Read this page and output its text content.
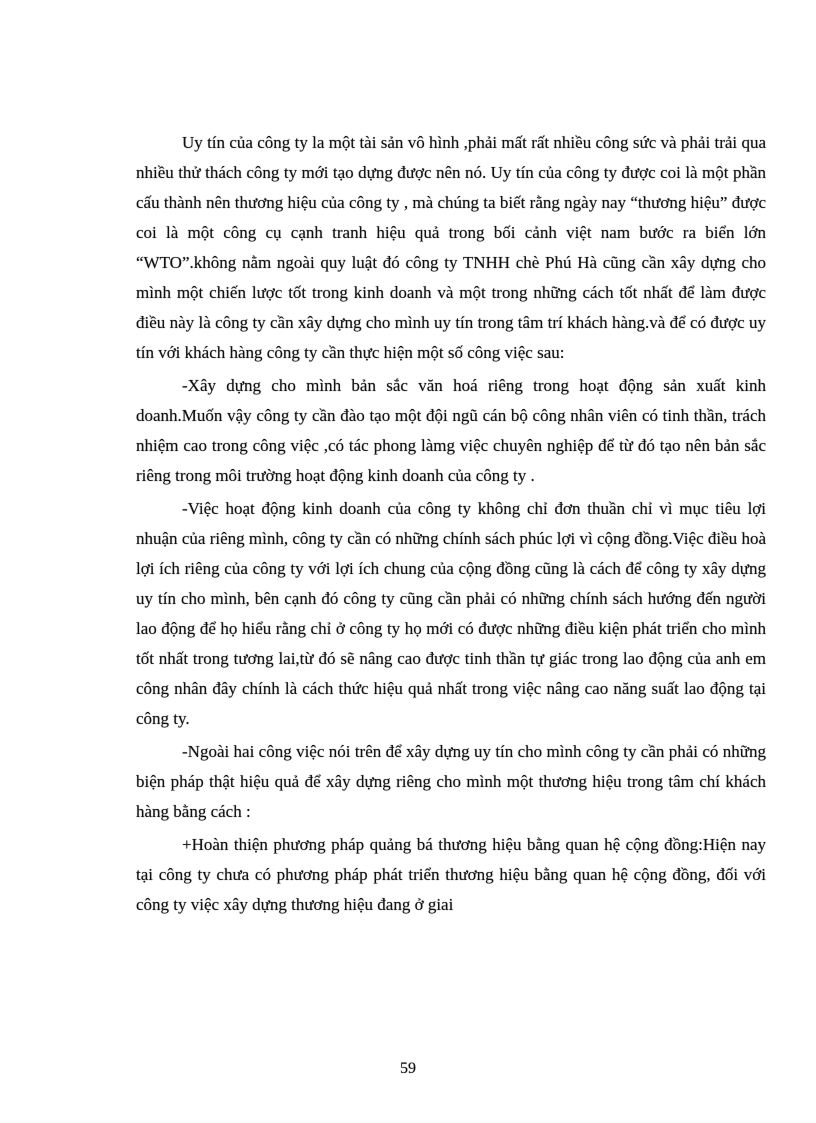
Uy tín của công ty la một tài sản vô hình ,phải mất rất nhiều công sức và phải trải qua nhiều thử thách công ty mới tạo dựng được nên nó. Uy tín của công ty được coi là một phần cấu thành nên thương hiệu của công ty , mà chúng ta biết rằng ngày nay “thương hiệu” được coi là một công cụ cạnh tranh hiệu quả trong bối cảnh việt nam bước ra biển lớn “WTO”.không nằm ngoài quy luật đó công ty TNHH chè Phú Hà cũng cần xây dựng cho mình một chiến lược tốt trong kinh doanh và một trong những cách tốt nhất để làm được điều này là công ty cần xây dựng cho mình uy tín trong tâm trí khách hàng.và để có được uy tín với khách hàng công ty cần thực hiện một số công việc sau:

-Xây dựng cho mình bản sắc văn hoá riêng trong hoạt động sản xuất kinh doanh.Muốn vậy công ty cần đào tạo một đội ngũ cán bộ công nhân viên có tinh thần, trách nhiệm cao trong công việc ,có tác phong làmg việc chuyên nghiệp để từ đó tạo nên bản sắc riêng trong môi trường hoạt động kinh doanh của công ty .

-Việc hoạt động kinh doanh của công ty không chỉ đơn thuần chỉ vì mục tiêu lợi nhuận của riêng mình, công ty cần có những chính sách phúc lợi vì cộng đồng.Việc điều hoà lợi ích riêng của công ty với lợi ích chung của cộng đồng cũng là cách để công ty xây dựng uy tín cho mình, bên cạnh đó công ty cũng cần phải có những chính sách hướng đến người lao động để họ hiểu rằng chỉ ở công ty họ mới có được những điều kiện phát triển cho mình tốt nhất trong tương lai,từ đó sẽ nâng cao được tinh thần tự giác trong lao động của anh em công nhân đây chính là cách thức hiệu quả nhất trong việc nâng cao năng suất lao động tại công ty.

-Ngoài hai công việc nói trên để xây dựng uy tín cho mình công ty cần phải có những biện pháp thật hiệu quả để xây dựng riêng cho mình một thương hiệu trong tâm chí khách hàng bằng cách :

+Hoàn thiện phương pháp quảng bá thương hiệu bằng quan hệ cộng đồng:Hiện nay tại công ty chưa có phương pháp phát triển thương hiệu bằng quan hệ cộng đồng, đối với công ty việc xây dựng thương hiệu đang ở giai

59
